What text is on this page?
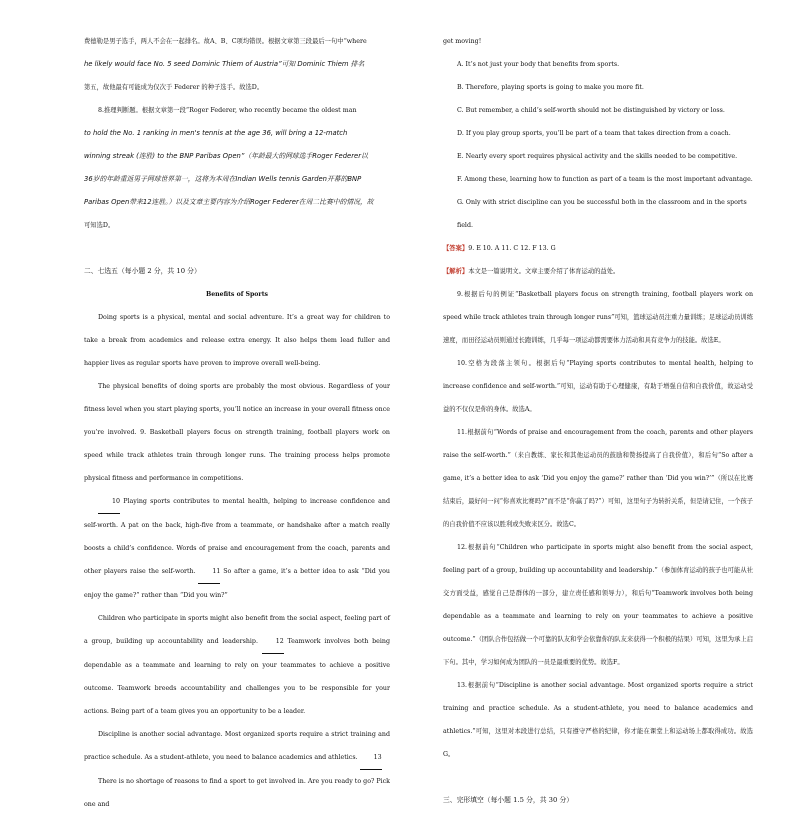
费德勒是男子选手，两人不会在一起排名。故A、B、C项均错误。根据文章第三段最后一句中“where

he likely would face No. 5 seed Dominic Thiem of Austria”可知 Dominic Thiem 排名

第五，故他最有可能成为仅次于 Federer 的种子选手。故选D。

8.推理判断题。根据文章第一段“Roger Federer, who recently became the oldest man

to hold the No. 1 ranking in men's tennis at the age 36, will bring a 12-match

winning streak (连胜) to the BNP Paribas Open”（年龄最大的网球选手Roger Federer以

36岁的年龄重返男子网球世界第一，这将为本周在Indian Wells tennis Garden开幕的BNP

Paribas Open带来12连胜。）以及文章主要内容为介绍Roger Federer在周二比赛中的情况，故

可知选D。

二、七选五（每小题 2 分，共 10 分）

Benefits of Sports

Doing sports is a physical, mental and social adventure. It’s a great way for children to take a break from academics and release extra energy. It also helps them lead fuller and happier lives as regular sports have proven to improve overall well-being.

The physical benefits of doing sports are probably the most obvious. Regardless of your fitness level when you start playing sports, you’ll notice an increase in your overall fitness once you’re involved. 9. Basketball players focus on strength training, football players work on speed while track athletes train through longer runs. The training process helps promote physical fitness and performance in competitions.

10 Playing sports contributes to mental health, helping to increase confidence and self-worth. A pat on the back, high-five from a teammate, or handshake after a match really boosts a child’s confidence. Words of praise and encouragement from the coach, parents and other players raise the self-worth.	11 So after a game, it’s a better idea to ask “Did you enjoy the game?” rather than “Did you win?”

Children who participate in sports might also benefit from the social aspect, feeling part of a group, building up accountability and leadership.	12 Teamwork involves both being dependable as a teammate and learning to rely on your teammates to achieve a positive outcome. Teamwork breeds accountability and challenges you to be responsible for your actions. Being part of a team gives you an opportunity to be a leader.

Discipline is another social advantage. Most organized sports require a strict training and practice schedule. As a student-athlete, you need to balance academics and athletics.	13

There is no shortage of reasons to find a sport to get involved in. Are you ready to go? Pick one and

get moving!

A. It’s not just your body that benefits from sports.

B. Therefore, playing sports is going to make you more fit.

C. But remember, a child’s self-worth should not be distinguished by victory or loss.

D. If you play group sports, you’ll be part of a team that takes direction from a coach.

E. Nearly every sport requires physical activity and the skills needed to be competitive.

F. Among these, learning how to function as part of a team is the most important advantage.

G. Only with strict discipline can you be successful both in the classroom and in the sports field.

【答案】9. E 10. A 11. C 12. F 13. G

【解析】本文是一篇说明文。文章主要介绍了体育运动的益处。

9.根据后句的例证“Basketball players focus on strength training, football players work on speed while track athletes train through longer runs”可知，篮球运动员注重力量训练；足球运动员训练速度，而田径运动员则通过长跑训练，几乎每一项运动都需要体力活动和具有竞争力的技能。故选E。

10.空格为段落主领句。根据后句“Playing sports contributes to mental health, helping to increase confidence and self-worth.”可知，运动有助于心理健康，有助于增强自信和自我价值，故运动受益的不仅仅是你的身体。故选A。

11.根据前句“Words of praise and encouragement from the coach, parents and other players raise the self-worth.”（来自教练、家长和其他运动员的鼓励和赞扬提高了自我价值），和后句“So after a game, it’s a better idea to ask ‘Did you enjoy the game?’ rather than ‘Did you win?’”（所以在比赛结束后，最好问一问“你喜欢比赛吗?”而不是“你赢了吗?”）可知，这里句子为转折关系，但是请记住，一个孩子的自我价值不应该以胜利或失败来区分。故选C。

12.根据前句“Children who participate in sports might also benefit from the social aspect, feeling part of a group, building up accountability and leadership.”（参加体育运动的孩子也可能从社交方面受益，感觉自己是群体的一部分，建立责任感和领导力），和后句“Teamwork involves both being dependable as a teammate and learning to rely on your teammates to achieve a positive outcome.”（团队合作包括做一个可靠的队友和学会依靠你的队友来获得一个积极的结果）可知，这里为承上启下句。其中，学习如何成为团队的一员是最重要的优势。故选F。

13.根据前句“Discipline is another social advantage. Most organized sports require a strict training and practice schedule. As a student-athlete, you need to balance academics and athletics.”可知，这里对本段进行总结，只有遵守严格的纪律，你才能在课堂上和运动场上都取得成功。故选G。

三、完形填空（每小题 1.5 分，共 30 分）
